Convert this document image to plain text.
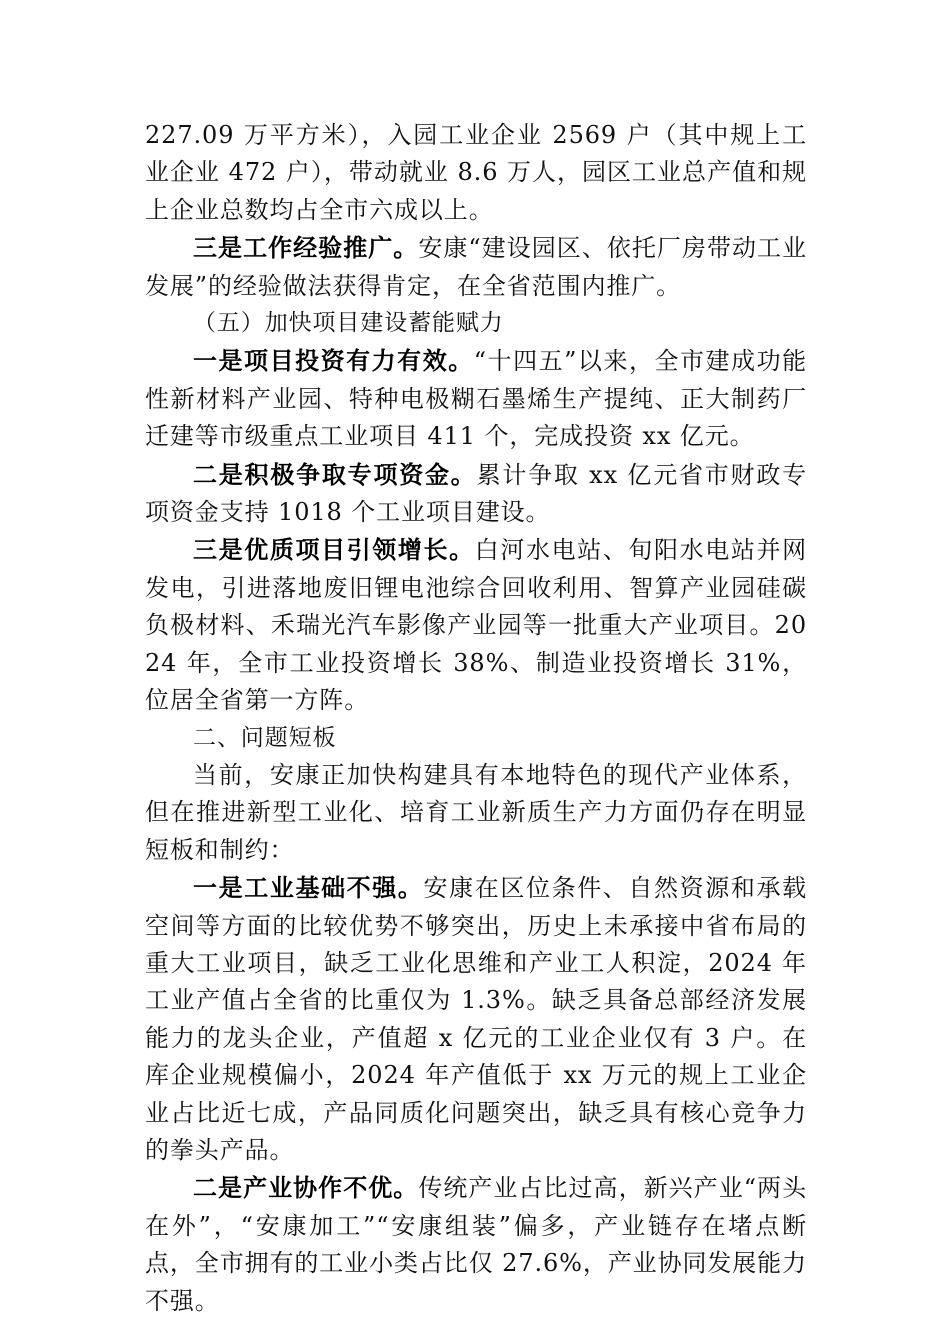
227.09 万平方米），入园工业企业 2569 户（其中规上工业企业 472 户），带动就业 8.6 万人，园区工业总产值和规上企业总数均占全市六成以上。

三是工作经验推广。安康“建设园区、依托厂房带动工业发展”的经验做法获得肯定，在全省范围内推广。

（五）加快项目建设蓄能赋力

一是项目投资有力有效。“十四五”以来，全市建成功能性新材料产业园、特种电极糊石墨烯生产提纯、正大制药厂迁建等市级重点工业项目 411 个，完成投资 xx 亿元。

二是积极争取专项资金。累计争取 xx 亿元省市财政专项资金支持 1018 个工业项目建设。

三是优质项目引领增长。白河水电站、旬阳水电站并网发电，引进落地废旧锂电池综合回收利用、智算产业园硅碳负极材料、禾瑞光汽车影像产业园等一批重大产业项目。2024 年，全市工业投资增长 38%、制造业投资增长 31%，位居全省第一方阵。

二、问题短板

当前，安康正加快构建具有本地特色的现代产业体系，但在推进新型工业化、培育工业新质生产力方面仍存在明显短板和制约：

一是工业基础不强。安康在区位条件、自然资源和承载空间等方面的比较优势不够突出，历史上未承接中省布局的重大工业项目，缺乏工业化思维和产业工人积淀，2024 年工业产值占全省的比重仅为 1.3%。缺乏具备总部经济发展能力的龙头企业，产值超 x 亿元的工业企业仅有 3 户。在库企业规模偏小，2024 年产值低于 xx 万元的规上工业企业占比近七成，产品同质化问题突出，缺乏具有核心竞争力的拳头产品。

二是产业协作不优。传统产业占比过高，新兴产业“两头在外”，“安康加工”“安康组装”偏多，产业链存在堵点断点，全市拥有的工业小类占比仅 27.6%，产业协同发展能力不强。
